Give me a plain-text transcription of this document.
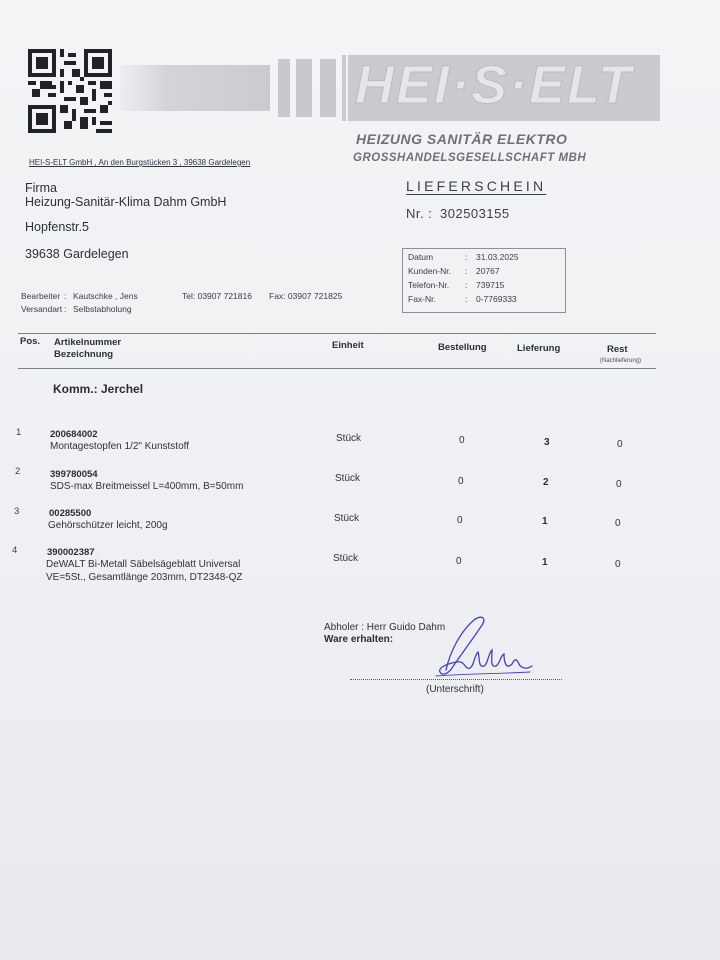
HEI·S·ELT
HEIZUNG SANITÄR ELEKTRO
GROSSHANDELSGESELLSCHAFT MBH
HEI-S-ELT GmbH , An den Burgstücken 3 , 39638 Gardelegen
Firma
Heizung-Sanitär-Klima Dahm GmbH
Hopfenstr.5
39638 Gardelegen
LIEFERSCHEIN
Nr. : 302503155
Datum	: 31.03.2025
Kunden-Nr. : 20767
Telefon-Nr. : 739715
Fax-Nr.	: 0-7769333
Bearbeiter : Kautschke , Jens	Tel: 03907 721816 Fax: 03907 721825
Versandart : Selbstabholung
Pos. Artikelnummer
Bezeichnung
Einheit	Bestellung	Lieferung	Rest
(Nachlieferung)
Komm.: Jerchel
1	200684002
Montagestopfen 1/2" Kunststoff
Stück	0	3	0
2	399780054
SDS-max Breitmeissel L=400mm, B=50mm
Stück	0	2	0
3	00285500
Gehörschützer leicht, 200g
Stück	0	1	0
4	390002387
DeWALT Bi-Metall Säbelsägeblatt Universal
VE=5St., Gesamtlänge 203mm, DT2348-QZ
Stück	0	1	0
Abholer : Herr Guido Dahm
Ware erhalten:
(Unterschrift)
